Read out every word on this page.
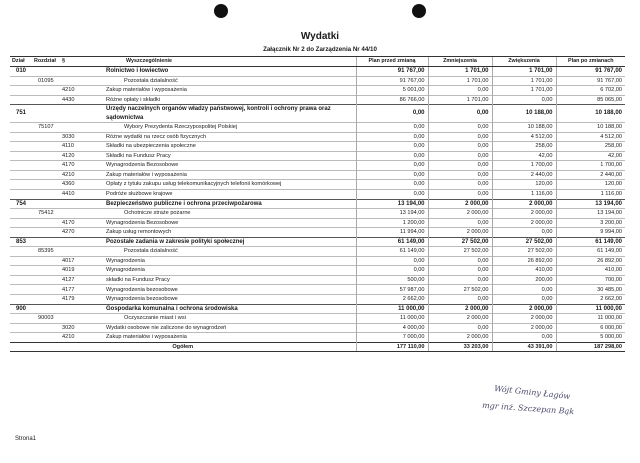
Wydatki
Załącznik Nr 2 do Zarządzenia Nr 44/10
Dział	Rozdział	§	Wyszczególnienie	Plan przed zmianą	Zmniejszenia	Zwiększenia	Plan po zmianach
010			Rolnictwo i łowiectwo	91 767,00	1 701,00	1 701,00	91 767,00
	01095		Pozostała działalność	91 767,00	1 701,00	1 701,00	91 767,00
		4210	Zakup materiałów i wyposażenia	5 001,00	0,00	1 701,00	6 702,00
		4430	Różne opłaty i składki	86 766,00	1 701,00	0,00	85 065,00
751			Urzędy naczelnych organów władzy państwowej, kontroli i ochrony prawa oraz sądownictwa	0,00	0,00	10 188,00	10 188,00
	75107		Wybory Prezydenta Rzeczypospolitej Polskiej	0,00	0,00	10 188,00	10 188,00
		3030	Różne wydatki na rzecz osób fizycznych	0,00	0,00	4 512,00	4 512,00
		4110	Składki na ubezpieczenia społeczne	0,00	0,00	258,00	258,00
		4120	Składki na Fundusz Pracy	0,00	0,00	42,00	42,00
		4170	Wynagrodzenia Bezosobowe	0,00	0,00	1 700,00	1 700,00
		4210	Zakup materiałów i wyposażenia	0,00	0,00	2 440,00	2 440,00
		4360	Opłaty z tytułu zakupu usług telekomunikacyjnych telefonii komórkowej	0,00	0,00	120,00	120,00
		4410	Podróże służbowe krajowe	0,00	0,00	1 116,00	1 116,00
754			Bezpieczeństwo publiczne i ochrona przeciwpożarowa	13 194,00	2 000,00	2 000,00	13 194,00
	75412		Ochotnicze straże pożarne	13 194,00	2 000,00	2 000,00	13 194,00
		4170	Wynagrodzenia Bezosobowe	1 200,00	0,00	2 000,00	3 200,00
		4270	Zakup usług remontowych	11 994,00	2 000,00	0,00	9 994,00
853			Pozostałe zadania w zakresie polityki społecznej	61 149,00	27 502,00	27 502,00	61 149,00
	85395		Pozostała działalność	61 149,00	27 502,00	27 502,00	61 149,00
		4017	Wynagrodzenia	0,00	0,00	26 892,00	26 892,00
		4019	Wynagrodzenia	0,00	0,00	410,00	410,00
		4127	składki na Fundusz Pracy	500,00	0,00	200,00	700,00
		4177	Wynagrodzenia bezosobowe	57 987,00	27 502,00	0,00	30 485,00
		4179	Wynagrodzenia bezosobowe	2 662,00	0,00	0,00	2 662,00
900			Gospodarka komunalna i ochrona środowiska	11 000,00	2 000,00	2 000,00	11 000,00
	90003		Oczyszczanie miast i wsi	11 000,00	2 000,00	2 000,00	11 000,00
		3020	Wydatki osobowe nie zaliczone do wynagrodzeń	4 000,00	0,00	2 000,00	6 000,00
		4210	Zakup materiałów i wyposażenia	7 000,00	2 000,00	0,00	5 000,00
Ogółem				177 110,00	33 203,00	43 391,00	187 298,00
Wójt Gminy Łagów
mgr inż. Szczepan Bąk
Strona1
